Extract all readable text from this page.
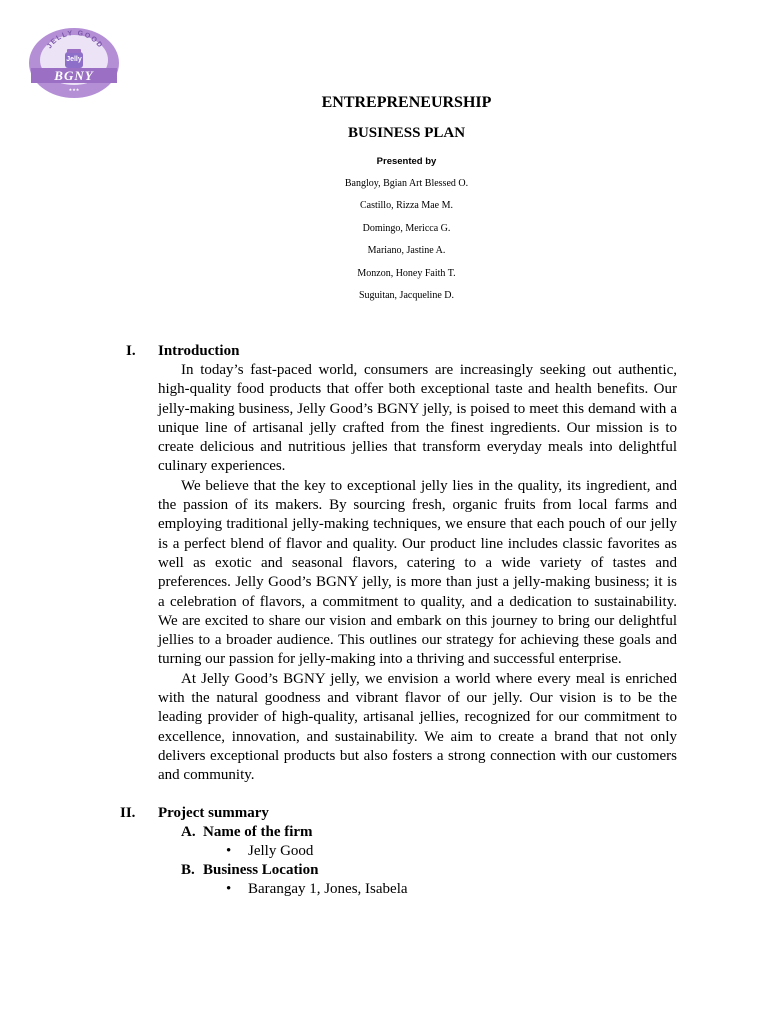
JELLY GOOD
Jelly
BGNY
★★★
ENTREPRENEURSHIP
BUSINESS PLAN
Presented by
Bangloy, Bgian Art Blessed O.
Castillo, Rizza Mae M.
Domingo, Mericca G.
Mariano, Jastine A.
Monzon, Honey Faith T.
Suguitan, Jacqueline D.
I. Introduction

In today’s fast-paced world, consumers are increasingly seeking out authentic, high-quality food products that offer both exceptional taste and health benefits. Our jelly-making business, Jelly Good’s BGNY jelly, is poised to meet this demand with a unique line of artisanal jelly crafted from the finest ingredients. Our mission is to create delicious and nutritious jellies that transform everyday meals into delightful culinary experiences.

We believe that the key to exceptional jelly lies in the quality, its ingredient, and the passion of its makers. By sourcing fresh, organic fruits from local farms and employing traditional jelly-making techniques, we ensure that each pouch of our jelly is a perfect blend of flavor and quality. Our product line includes classic favorites as well as exotic and seasonal flavors, catering to a wide variety of tastes and preferences. Jelly Good’s BGNY jelly, is more than just a jelly-making business; it is a celebration of flavors, a commitment to quality, and a dedication to sustainability. We are excited to share our vision and embark on this journey to bring our delightful jellies to a broader audience. This outlines our strategy for achieving these goals and turning our passion for jelly-making into a thriving and successful enterprise.

At Jelly Good’s BGNY jelly, we envision a world where every meal is enriched with the natural goodness and vibrant flavor of our jelly. Our vision is to be the leading provider of high-quality, artisanal jellies, recognized for our commitment to excellence, innovation, and sustainability. We aim to create a brand that not only delivers exceptional products but also fosters a strong connection with our customers and community.

II. Project summary
A. Name of the firm
• Jelly Good
B. Business Location
• Barangay 1, Jones, Isabela
